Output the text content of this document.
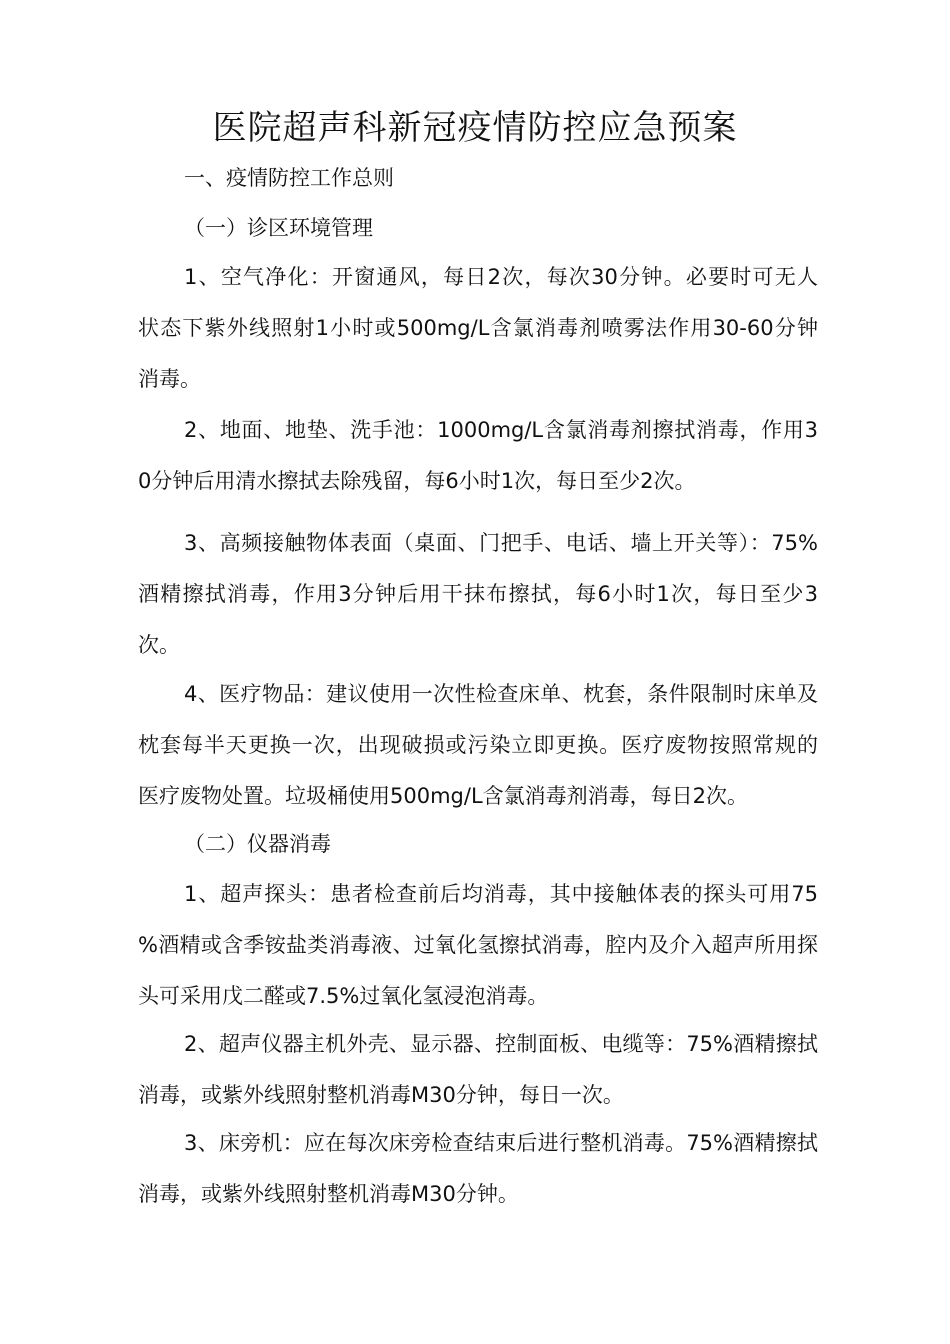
医院超声科新冠疫情防控应急预案

一、疫情防控工作总则

（一）诊区环境管理

1、空气净化：开窗通风，每日2次，每次30分钟。必要时可无人
状态下紫外线照射1小时或500mg/L含氯消毒剂喷雾法作用30-60分钟
消毒。
2、地面、地垫、洗手池：1000mg/L含氯消毒剂擦拭消毒，作用3
0分钟后用清水擦拭去除残留，每6小时1次，每日至少2次。
3、高频接触物体表面（桌面、门把手、电话、墙上开关等）：75%
酒精擦拭消毒，作用3分钟后用干抹布擦拭，每6小时1次，每日至少3
次。
4、医疗物品：建议使用一次性检查床单、枕套，条件限制时床单及
枕套每半天更换一次，出现破损或污染立即更换。医疗废物按照常规的
医疗废物处置。垃圾桶使用500mg/L含氯消毒剂消毒，每日2次。

（二）仪器消毒

1、超声探头：患者检查前后均消毒，其中接触体表的探头可用75
%酒精或含季铵盐类消毒液、过氧化氢擦拭消毒，腔内及介入超声所用探
头可采用戊二醛或7.5%过氧化氢浸泡消毒。
2、超声仪器主机外壳、显示器、控制面板、电缆等：75%酒精擦拭
消毒，或紫外线照射整机消毒M30分钟，每日一次。
3、床旁机：应在每次床旁检查结束后进行整机消毒。75%酒精擦拭
消毒，或紫外线照射整机消毒M30分钟。
